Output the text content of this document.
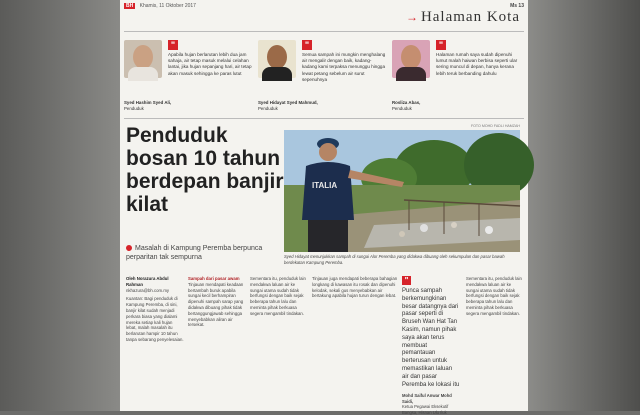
BH Khamis, 11 Oktober 2017	Ms 13
→ Halaman Kota
"
Apabila hujan berlarutan lebih dua jam sahaja, air tetap masuk melalui celahan lantai, jika hujan sepanjang hari, air tetap akan masuk sehingga ke paras lutut
Syed Hashim Syed Ali,
Penduduk
"
Semua sampah ini mungkin menghalang air mengalir dengan baik, kadang-kadang kami terpaksa menunggu hingga lewat petang sebelum air surut sepenuhnya
Syed Hidayat Syed Mahmud,
Penduduk
"
Halaman rumah saya sudah dipenuhi lumut malah haiwan berbisa seperti ular sering muncul di depan, hanya kerana lebih teruk berbanding dahulu
Rosliza Abas,
Penduduk
Penduduk bosan 10 tahun berdepan banjir kilat
Masalah di Kampung Peremba berpunca perparitan tak sempurna
FOTO MOHD FADLI HAMZAH
ITALIA
Syed Hidayat menunjukkan sampah di sungai Alor Peremba yang didakwa dibuang oleh sekumpulan dan pasar bawah berdekatan Kampung Peremba.
Oleh Norazura Abdul Rahman
nkhazura@bh.com.my
Kuantan: Bagi penduduk di Kampung Peremba, di sini, banjir kilat sudah menjadi perkara biasa yang dialami mereka setiap kali hujan lebat, malah masalah itu berlarutan hampir 10 tahun tanpa sebarang penyelesaian.
Sampah dari pasar awam
Tinjauan mendapati keadaan bertambah buruk apabila sungai kecil berhampiran dipenuhi sampah sarap yang didakwa dibuang pihak tidak bertanggungjawab sehingga menyebabkan aliran air tersekat.
Sementara itu, penduduk lain mendakwa laluan air ke sungai utama sudah tidak berfungsi dengan baik sejak beberapa tahun lalu dan meminta pihak berkuasa segera mengambil tindakan.
Tinjauan juga mendapati beberapa bahagian longkang di kawasan itu rosak dan dipenuhi kelodak, sekali gus menyebabkan air bertakung apabila hujan turun dengan lebat.
"
Punca sampah berkemungkinan besar datangnya dari pasar seperti di Bruseh Wan Hat Tan Kasim, namun pihak saya akan terus membuat pemantauan berterusan untuk memastikan laluan air dan pasar Peremba ke lokasi itu
Mohd Saiful Anwar Mohd Saidi,
Ketua Pegawai Eksekutif Bangsa, Hisnan Ulu Iluk
Sementara itu, penduduk lain mendakwa laluan air ke sungai utama sudah tidak berfungsi dengan baik sejak beberapa tahun lalu dan meminta pihak berkuasa segera mengambil tindakan.
